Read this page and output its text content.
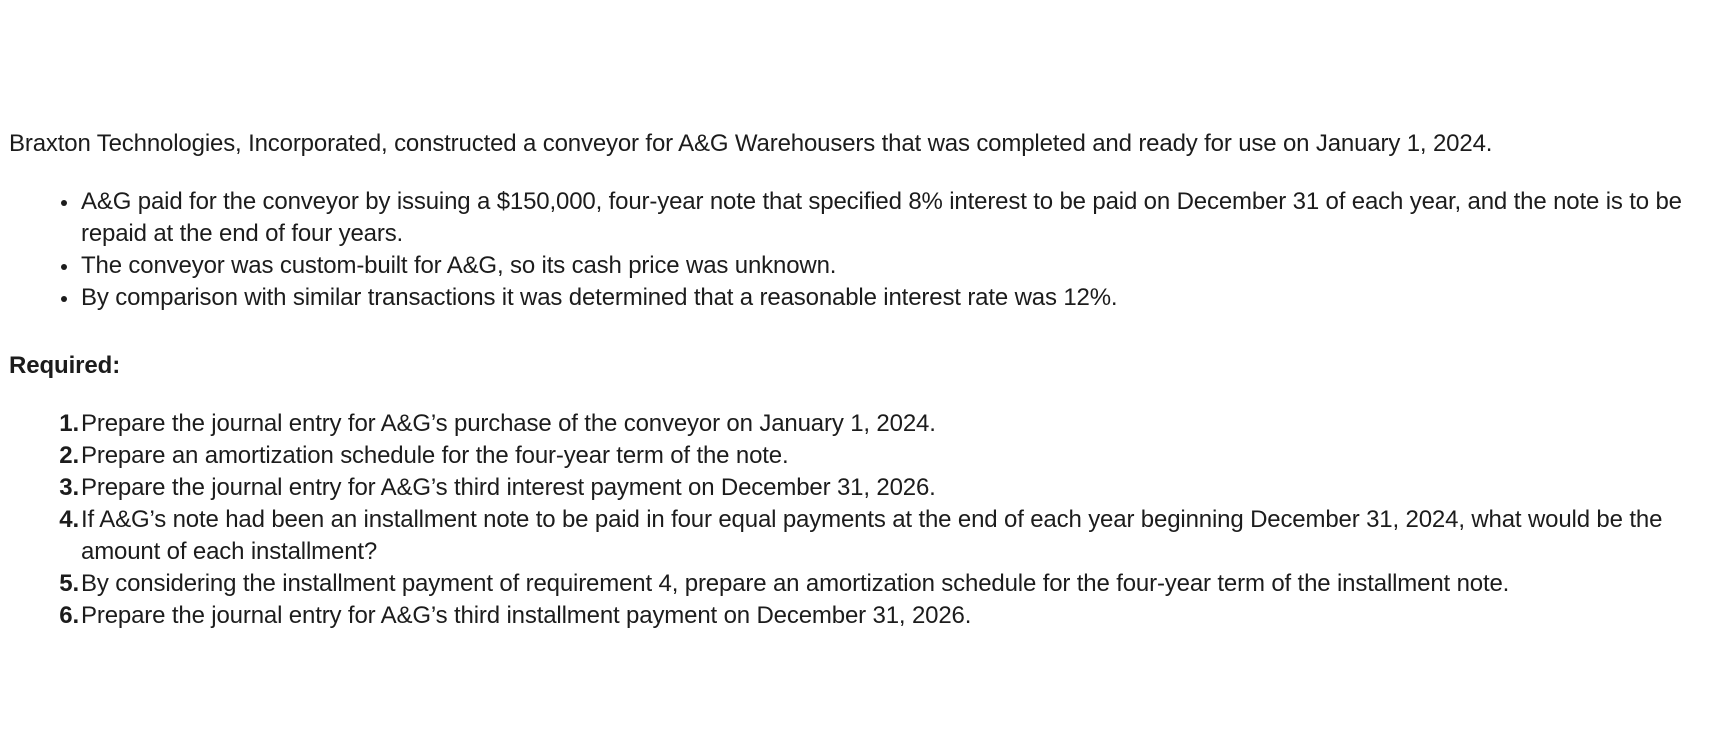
Braxton Technologies, Incorporated, constructed a conveyor for A&G Warehousers that was completed and ready for use on January 1, 2024.

A&G paid for the conveyor by issuing a $150,000, four-year note that specified 8% interest to be paid on December 31 of each year, and the note is to be repaid at the end of four years.
The conveyor was custom-built for A&G, so its cash price was unknown.
By comparison with similar transactions it was determined that a reasonable interest rate was 12%.

Required:

1. Prepare the journal entry for A&G’s purchase of the conveyor on January 1, 2024.
2. Prepare an amortization schedule for the four-year term of the note.
3. Prepare the journal entry for A&G’s third interest payment on December 31, 2026.
4. If A&G’s note had been an installment note to be paid in four equal payments at the end of each year beginning December 31, 2024, what would be the amount of each installment?
5. By considering the installment payment of requirement 4, prepare an amortization schedule for the four-year term of the installment note.
6. Prepare the journal entry for A&G’s third installment payment on December 31, 2026.
